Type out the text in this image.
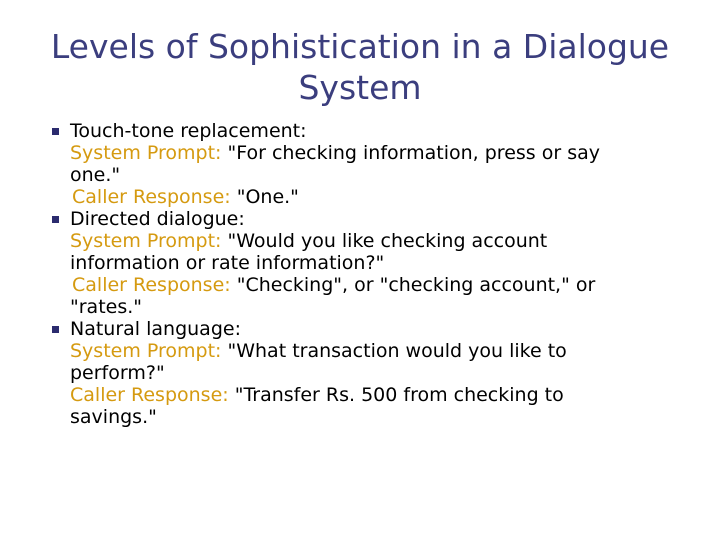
Levels of Sophistication in a Dialogue System
Touch-tone replacement:
System Prompt: "For checking information, press or say
one."
Caller Response: "One."
Directed dialogue:
System Prompt: "Would you like checking account
information or rate information?"
Caller Response: "Checking", or "checking account," or
"rates."
Natural language:
System Prompt: "What transaction would you like to
perform?"
Caller Response: "Transfer Rs. 500 from checking to
savings."
